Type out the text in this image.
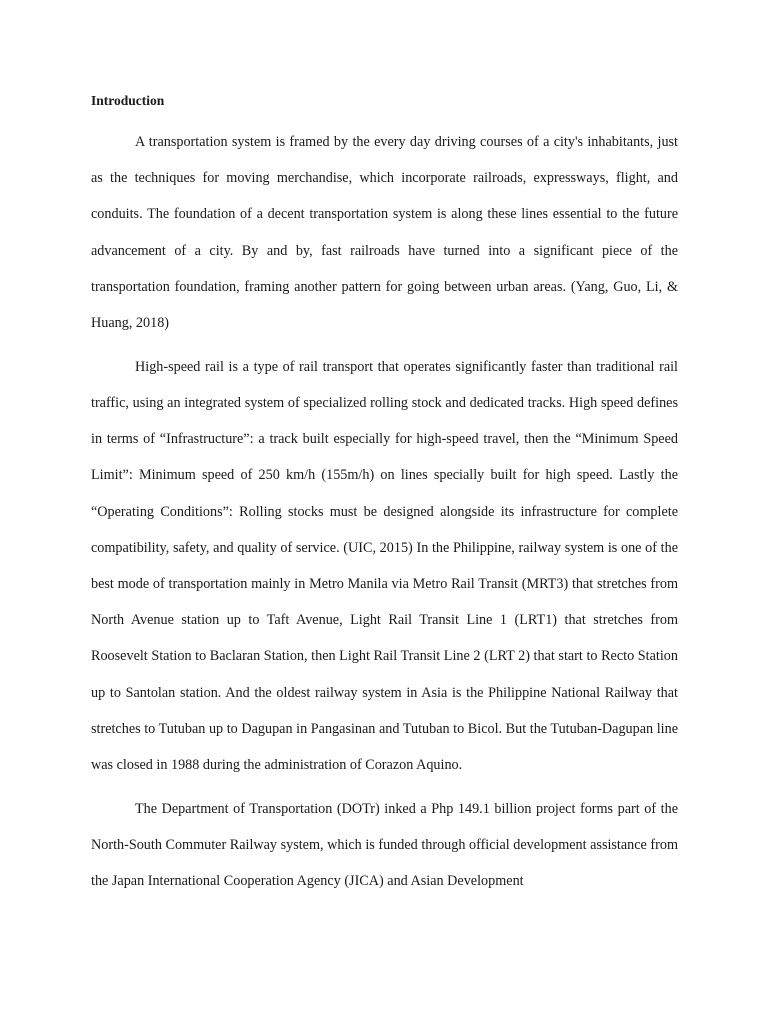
Introduction

A transportation system is framed by the every day driving courses of a city's inhabitants, just as the techniques for moving merchandise, which incorporate railroads, expressways, flight, and conduits. The foundation of a decent transportation system is along these lines essential to the future advancement of a city. By and by, fast railroads have turned into a significant piece of the transportation foundation, framing another pattern for going between urban areas. (Yang, Guo, Li, & Huang, 2018)

High-speed rail is a type of rail transport that operates significantly faster than traditional rail traffic, using an integrated system of specialized rolling stock and dedicated tracks. High speed defines in terms of “Infrastructure”: a track built especially for high-speed travel, then the “Minimum Speed Limit”: Minimum speed of 250 km/h (155m/h) on lines specially built for high speed. Lastly the “Operating Conditions”: Rolling stocks must be designed alongside its infrastructure for complete compatibility, safety, and quality of service. (UIC, 2015) In the Philippine, railway system is one of the best mode of transportation mainly in Metro Manila via Metro Rail Transit (MRT3) that stretches from North Avenue station up to Taft Avenue, Light Rail Transit Line 1 (LRT1) that stretches from Roosevelt Station to Baclaran Station, then Light Rail Transit Line 2 (LRT 2) that start to Recto Station up to Santolan station. And the oldest railway system in Asia is the Philippine National Railway that stretches to Tutuban up to Dagupan in Pangasinan and Tutuban to Bicol. But the Tutuban-Dagupan line was closed in 1988 during the administration of Corazon Aquino.

The Department of Transportation (DOTr) inked a Php 149.1 billion project forms part of the North-South Commuter Railway system, which is funded through official development assistance from the Japan International Cooperation Agency (JICA) and Asian Development
